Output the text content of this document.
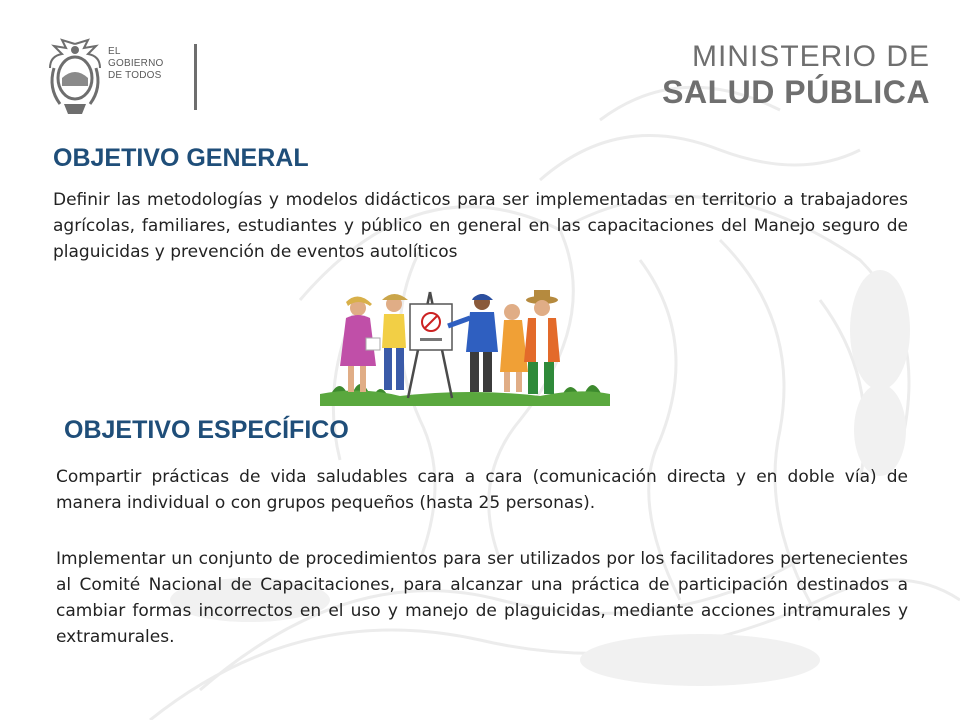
EL
GOBIERNO
DE TODOS
MINISTERIO DE
SALUD PÚBLICA
OBJETIVO GENERAL

Definir las metodologías y modelos didácticos para ser implementadas en territorio a trabajadores agrícolas, familiares, estudiantes y público en general en las capacitaciones del Manejo seguro de plaguicidas y prevención de eventos autolíticos

OBJETIVO ESPECÍFICO

Compartir prácticas de vida saludables cara a cara (comunicación directa y en doble vía) de manera individual o con grupos pequeños (hasta 25 personas).

Implementar un conjunto de procedimientos para ser utilizados por los facilitadores pertenecientes al Comité Nacional de Capacitaciones, para alcanzar una práctica de participación destinados a cambiar formas incorrectos en el uso y manejo de plaguicidas, mediante acciones intramurales y extramurales.
